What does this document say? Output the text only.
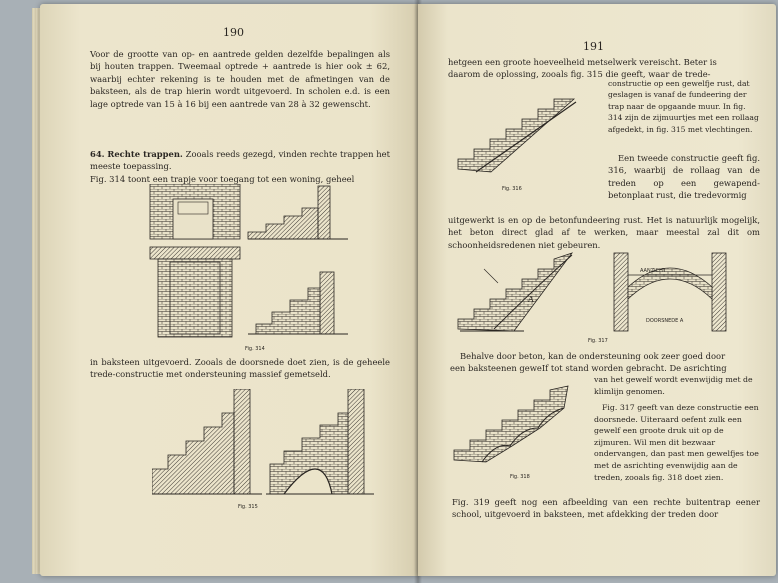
190

Voor de grootte van op- en aantrede gelden dezelfde bepalingen als bij houten trappen. Tweemaal optrede + aantrede is hier ook ± 62, waarbij echter rekening is te houden met de afmetingen van de baksteen, als de trap hierin wordt uitgevoerd. In scholen e.d. is een lage optrede van 15 à 16 bij een aantrede van 28 à 32 gewenscht.

64. Rechte trappen. Zooals reeds gezegd, vinden rechte trappen het meeste toepassing.

Fig. 314 toont een trapje voor toegang tot een woning, geheel

Fig. 314

in baksteen uitgevoerd. Zooals de doorsnede doet zien, is de geheele trede-constructie met ondersteuning massief gemetseld.

Fig. 315
191

hetgeen een groote hoeveelheid metselwerk vereischt. Beter is

daarom de oplossing, zooals fig. 315 die geeft, waar de trede-

Fig. 316

constructie op een gewelfje rust, dat geslagen is vanaf de fundeering der trap naar de opgaande muur. In fig. 314 zijn de zijmuurtjes met een rollaag afgedekt, in fig. 315 met vlechtingen.

Een tweede constructie geeft fig. 316, waarbij de rollaag van de treden op een gewapend-betonplaat rust, die tredevormig

uitgewerkt is en op de betonfundeering rust. Het is natuurlijk mogelijk, het beton direct glad af te werken, maar meestal zal dit om schoonheidsredenen niet gebeuren.

A
AANZICHT
DOORSNEDE A
Fig. 317

Behalve door beton, kan de ondersteuning ook zeer goed door

een baksteenen geweIf tot stand worden gebracht. De asrichting

Fig. 318

van het gewelf wordt evenwijdig met de klimlijn genomen.

Fig. 317 geeft van deze constructie een doorsnede. Uiteraard oefent zulk een gewelf een groote druk uit op de zijmuren. Wil men dit bezwaar ondervangen, dan past men gewelfjes toe met de asrichting evenwijdig aan de treden, zooals fig. 318 doet zien.

Fig. 319 geeft nog een afbeelding van een rechte buitentrap eener school, uitgevoerd in baksteen, met afdekking der treden door
